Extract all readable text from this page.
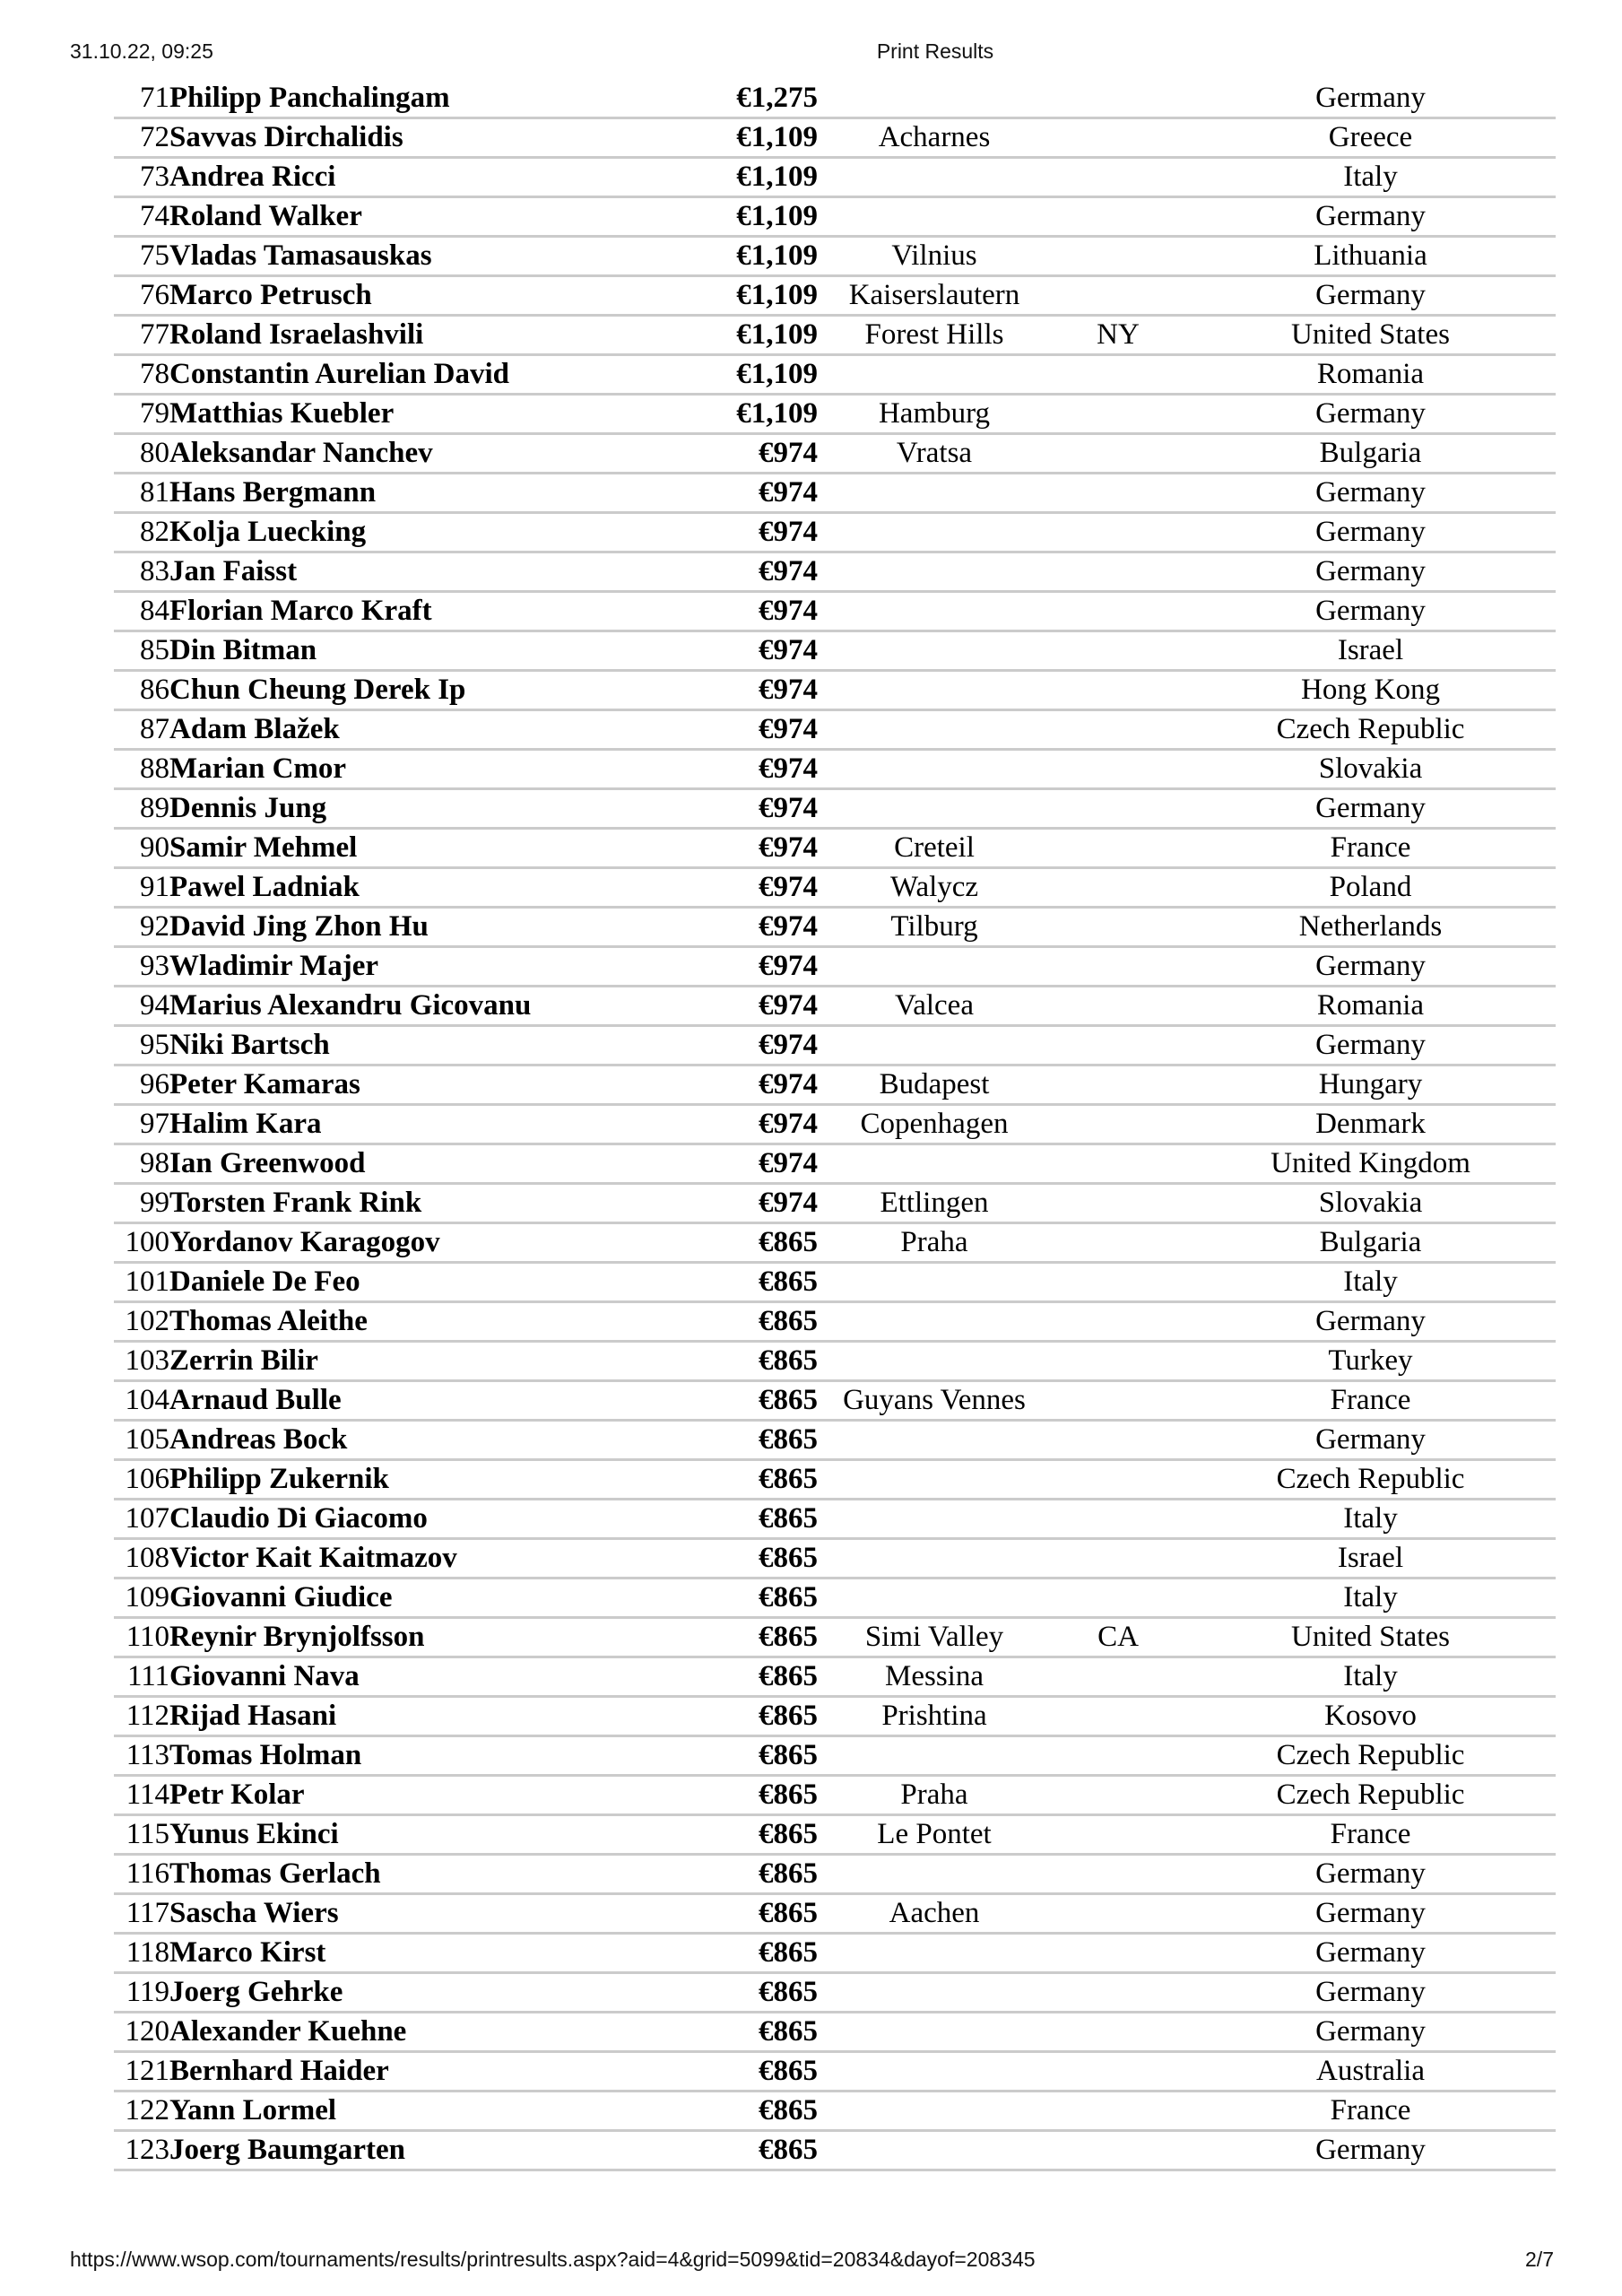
31.10.22, 09:25	Print Results
71	Philipp Panchalingam €1,275			Germany
72	Savvas Dirchalidis €1,109	Acharnes		Greece
73	Andrea Ricci €1,109			Italy
74	Roland Walker €1,109			Germany
75	Vladas Tamasauskas €1,109	Vilnius		Lithuania
76	Marco Petrusch €1,109	Kaiserslautern		Germany
77	Roland Israelashvili €1,109	Forest Hills	NY	United States
78	Constantin Aurelian David €1,109			Romania
79	Matthias Kuebler €1,109	Hamburg		Germany
80	Aleksandar Nanchev €974	Vratsa		Bulgaria
81	Hans Bergmann €974			Germany
82	Kolja Luecking €974			Germany
83	Jan Faisst €974			Germany
84	Florian Marco Kraft €974			Germany
85	Din Bitman €974			Israel
86	Chun Cheung Derek Ip €974			Hong Kong
87	Adam Blažek €974			Czech Republic
88	Marian Cmor €974			Slovakia
89	Dennis Jung €974			Germany
90	Samir Mehmel €974	Creteil		France
91	Pawel Ladniak €974	Walycz		Poland
92	David Jing Zhon Hu €974	Tilburg		Netherlands
93	Wladimir Majer €974			Germany
94	Marius Alexandru Gicovanu €974	Valcea		Romania
95	Niki Bartsch €974			Germany
96	Peter Kamaras €974	Budapest		Hungary
97	Halim Kara €974	Copenhagen		Denmark
98	Ian Greenwood €974			United Kingdom
99	Torsten Frank Rink €974	Ettlingen		Slovakia
100	Yordanov Karagogov €865	Praha		Bulgaria
101	Daniele De Feo €865			Italy
102	Thomas Aleithe €865			Germany
103	Zerrin Bilir €865			Turkey
104	Arnaud Bulle €865	Guyans Vennes		France
105	Andreas Bock €865			Germany
106	Philipp Zukernik €865			Czech Republic
107	Claudio Di Giacomo €865			Italy
108	Victor Kait Kaitmazov €865			Israel
109	Giovanni Giudice €865			Italy
110	Reynir Brynjolfsson €865	Simi Valley	CA	United States
111	Giovanni Nava €865	Messina		Italy
112	Rijad Hasani €865	Prishtina		Kosovo
113	Tomas Holman €865			Czech Republic
114	Petr Kolar €865	Praha		Czech Republic
115	Yunus Ekinci €865	Le Pontet		France
116	Thomas Gerlach €865			Germany
117	Sascha Wiers €865	Aachen		Germany
118	Marco Kirst €865			Germany
119	Joerg Gehrke €865			Germany
120	Alexander Kuehne €865			Germany
121	Bernhard Haider €865			Australia
122	Yann Lormel €865			France
123	Joerg Baumgarten €865			Germany
https://www.wsop.com/tournaments/results/printresults.aspx?aid=4&grid=5099&tid=20834&dayof=208345	2/7
